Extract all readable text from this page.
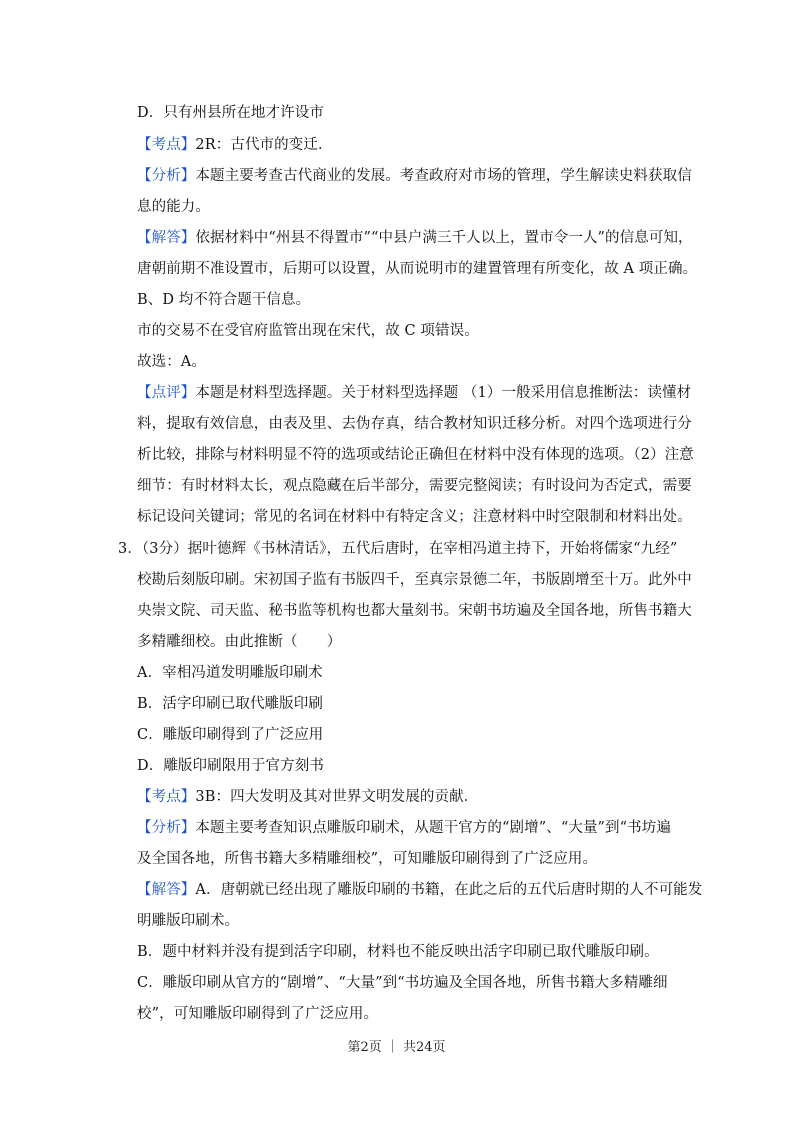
D．只有州县所在地才许设市
【考点】2R：古代市的变迁．
【分析】本题主要考查古代商业的发展。考查政府对市场的管理，学生解读史料获取信
息的能力。
【解答】依据材料中“州县不得置市”“中县户满三千人以上，置市令一人”的信息可知，
唐朝前期不准设置市，后期可以设置，从而说明市的建置管理有所变化，故 A 项正确。
B、D 均不符合题干信息。
市的交易不在受官府监管出现在宋代，故 C 项错误。
故选：A。
【点评】本题是材料型选择题。关于材料型选择题 （1）一般采用信息推断法：读懂材
料，提取有效信息，由表及里、去伪存真，结合教材知识迁移分析。对四个选项进行分
析比较，排除与材料明显不符的选项或结论正确但在材料中没有体现的选项。（2）注意
细节：有时材料太长，观点隐藏在后半部分，需要完整阅读；有时设问为否定式，需要
标记设问关键词；常见的名词在材料中有特定含义；注意材料中时空限制和材料出处。
3．（3分）据叶德辉《书林清话》，五代后唐时，在宰相冯道主持下，开始将儒家“九经”
校勘后刻版印刷。宋初国子监有书版四千，至真宗景德二年，书版剧增至十万。此外中
央崇文院、司天监、秘书监等机构也都大量刻书。宋朝书坊遍及全国各地，所售书籍大
多精雕细校。由此推断（　　）
A．宰相冯道发明雕版印刷术
B．活字印刷已取代雕版印刷
C．雕版印刷得到了广泛应用
D．雕版印刷限用于官方刻书
【考点】3B：四大发明及其对世界文明发展的贡献．
【分析】本题主要考查知识点雕版印刷术，从题干官方的“剧增”、“大量”到“书坊遍
及全国各地，所售书籍大多精雕细校”，可知雕版印刷得到了广泛应用。
【解答】A．唐朝就已经出现了雕版印刷的书籍，在此之后的五代后唐时期的人不可能发
明雕版印刷术。
B．题中材料并没有提到活字印刷，材料也不能反映出活字印刷已取代雕版印刷。
C．雕版印刷从官方的“剧增”、“大量”到“书坊遍及全国各地，所售书籍大多精雕细
校”，可知雕版印刷得到了广泛应用。
第2页 ｜ 共24页
